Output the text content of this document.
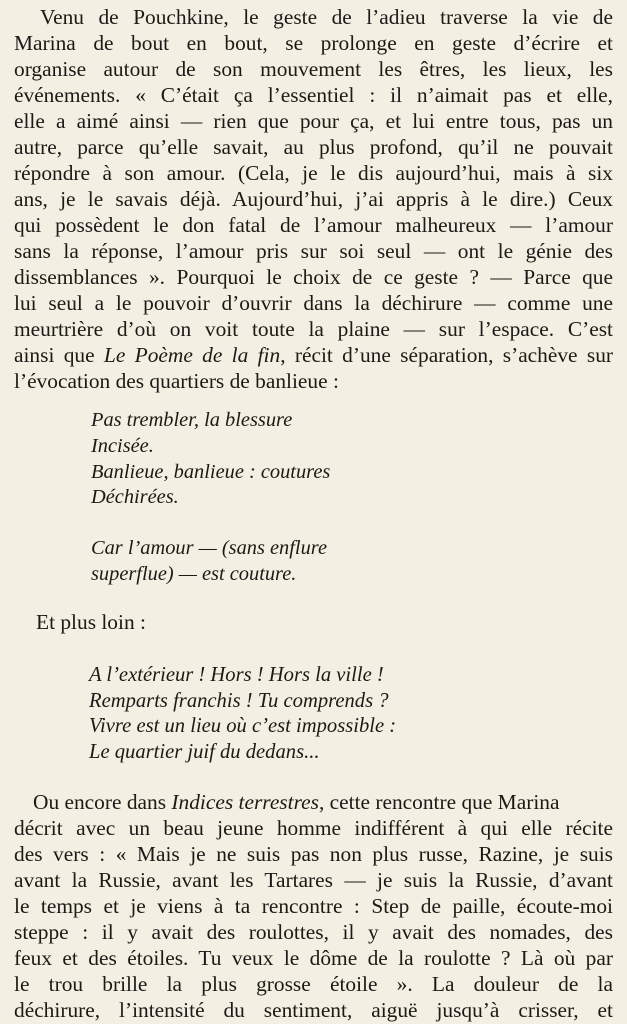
Venu de Pouchkine, le geste de l’adieu traverse la vie de
Marina de bout en bout, se prolonge en geste d’écrire et
organise autour de son mouvement les êtres, les lieux, les
événements. « C’était ça l’essentiel : il n’aimait pas et elle,
elle a aimé ainsi — rien que pour ça, et lui entre tous, pas un
autre, parce qu’elle savait, au plus profond, qu’il ne pouvait
répondre à son amour. (Cela, je le dis aujourd’hui, mais à six
ans, je le savais déjà. Aujourd’hui, j’ai appris à le dire.) Ceux
qui possèdent le don fatal de l’amour malheureux — l’amour
sans la réponse, l’amour pris sur soi seul — ont le génie des
dissemblances ». Pourquoi le choix de ce geste ? — Parce que
lui seul a le pouvoir d’ouvrir dans la déchirure — comme une
meurtrière d’où on voit toute la plaine — sur l’espace. C’est
ainsi que Le Poème de la fin, récit d’une séparation, s’achève sur
l’évocation des quartiers de banlieue :
Pas trembler, la blessure
Incisée.
Banlieue, banlieue : coutures
Déchirées.
Car l’amour — (sans enflure
superflue) — est couture.
Et plus loin :
A l’extérieur ! Hors ! Hors la ville !
Remparts franchis ! Tu comprends ?
Vivre est un lieu où c’est impossible :
Le quartier juif du dedans...
Ou encore dans Indices terrestres, cette rencontre que Marina
décrit avec un beau jeune homme indifférent à qui elle récite
des vers : « Mais je ne suis pas non plus russe, Razine, je suis
avant la Russie, avant les Tartares — je suis la Russie, d’avant
le temps et je viens à ta rencontre : Step de paille, écoute-moi
steppe : il y avait des roulottes, il y avait des nomades, des
feux et des étoiles. Tu veux le dôme de la roulotte ? Là où par
le trou brille la plus grosse étoile ». La douleur de la
déchirure, l’intensité du sentiment, aiguë jusqu’à crisser, et
